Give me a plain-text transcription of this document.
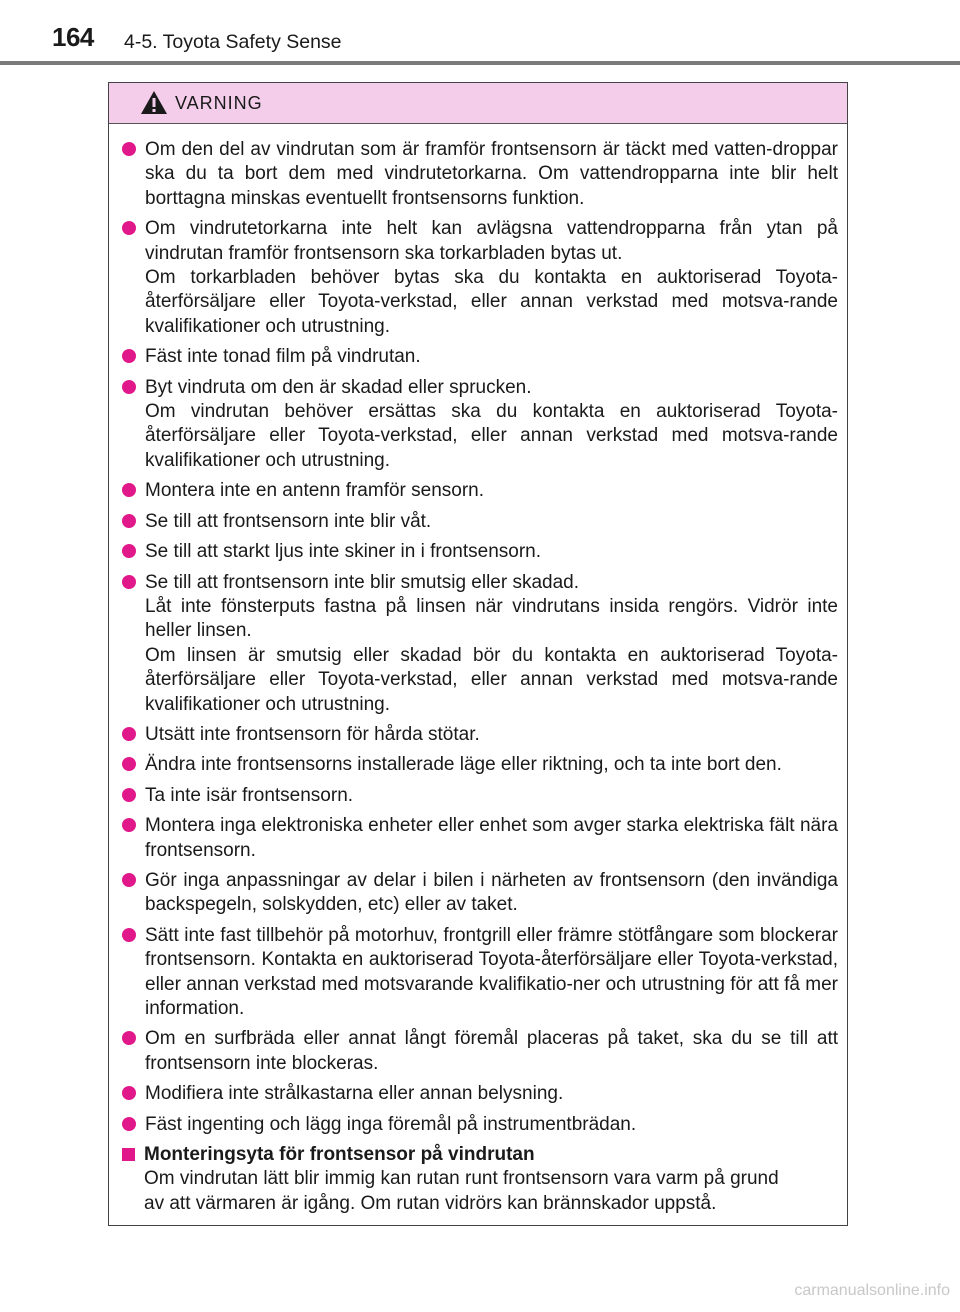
164 4-5. Toyota Safety Sense
VARNING
Om den del av vindrutan som är framför frontsensorn är täckt med vatten-droppar ska du ta bort dem med vindrutetorkarna. Om vattendropparna inte blir helt borttagna minskas eventuellt frontsensorns funktion.
Om vindrutetorkarna inte helt kan avlägsna vattendropparna från ytan på vindrutan framför frontsensorn ska torkarbladen bytas ut.
Om torkarbladen behöver bytas ska du kontakta en auktoriserad Toyota-återförsäljare eller Toyota-verkstad, eller annan verkstad med motsva-rande kvalifikationer och utrustning.
Fäst inte tonad film på vindrutan.
Byt vindruta om den är skadad eller sprucken.
Om vindrutan behöver ersättas ska du kontakta en auktoriserad Toyota-återförsäljare eller Toyota-verkstad, eller annan verkstad med motsva-rande kvalifikationer och utrustning.
Montera inte en antenn framför sensorn.
Se till att frontsensorn inte blir våt.
Se till att starkt ljus inte skiner in i frontsensorn.
Se till att frontsensorn inte blir smutsig eller skadad.
Låt inte fönsterputs fastna på linsen när vindrutans insida rengörs. Vidrör inte heller linsen.
Om linsen är smutsig eller skadad bör du kontakta en auktoriserad Toyota-återförsäljare eller Toyota-verkstad, eller annan verkstad med motsva-rande kvalifikationer och utrustning.
Utsätt inte frontsensorn för hårda stötar.
Ändra inte frontsensorns installerade läge eller riktning, och ta inte bort den.
Ta inte isär frontsensorn.
Montera inga elektroniska enheter eller enhet som avger starka elektriska fält nära frontsensorn.
Gör inga anpassningar av delar i bilen i närheten av frontsensorn (den invändiga backspegeln, solskydden, etc) eller av taket.
Sätt inte fast tillbehör på motorhuv, frontgrill eller främre stötfångare som blockerar frontsensorn. Kontakta en auktoriserad Toyota-återförsäljare eller Toyota-verkstad, eller annan verkstad med motsvarande kvalifikatio-ner och utrustning för att få mer information.
Om en surfbräda eller annat långt föremål placeras på taket, ska du se till att frontsensorn inte blockeras.
Modifiera inte strålkastarna eller annan belysning.
Fäst ingenting och lägg inga föremål på instrumentbrädan.
Monteringsyta för frontsensor på vindrutan
Om vindrutan lätt blir immig kan rutan runt frontsensorn vara varm på grund
av att värmaren är igång. Om rutan vidrörs kan brännskador uppstå.
carmanualsonline.info
